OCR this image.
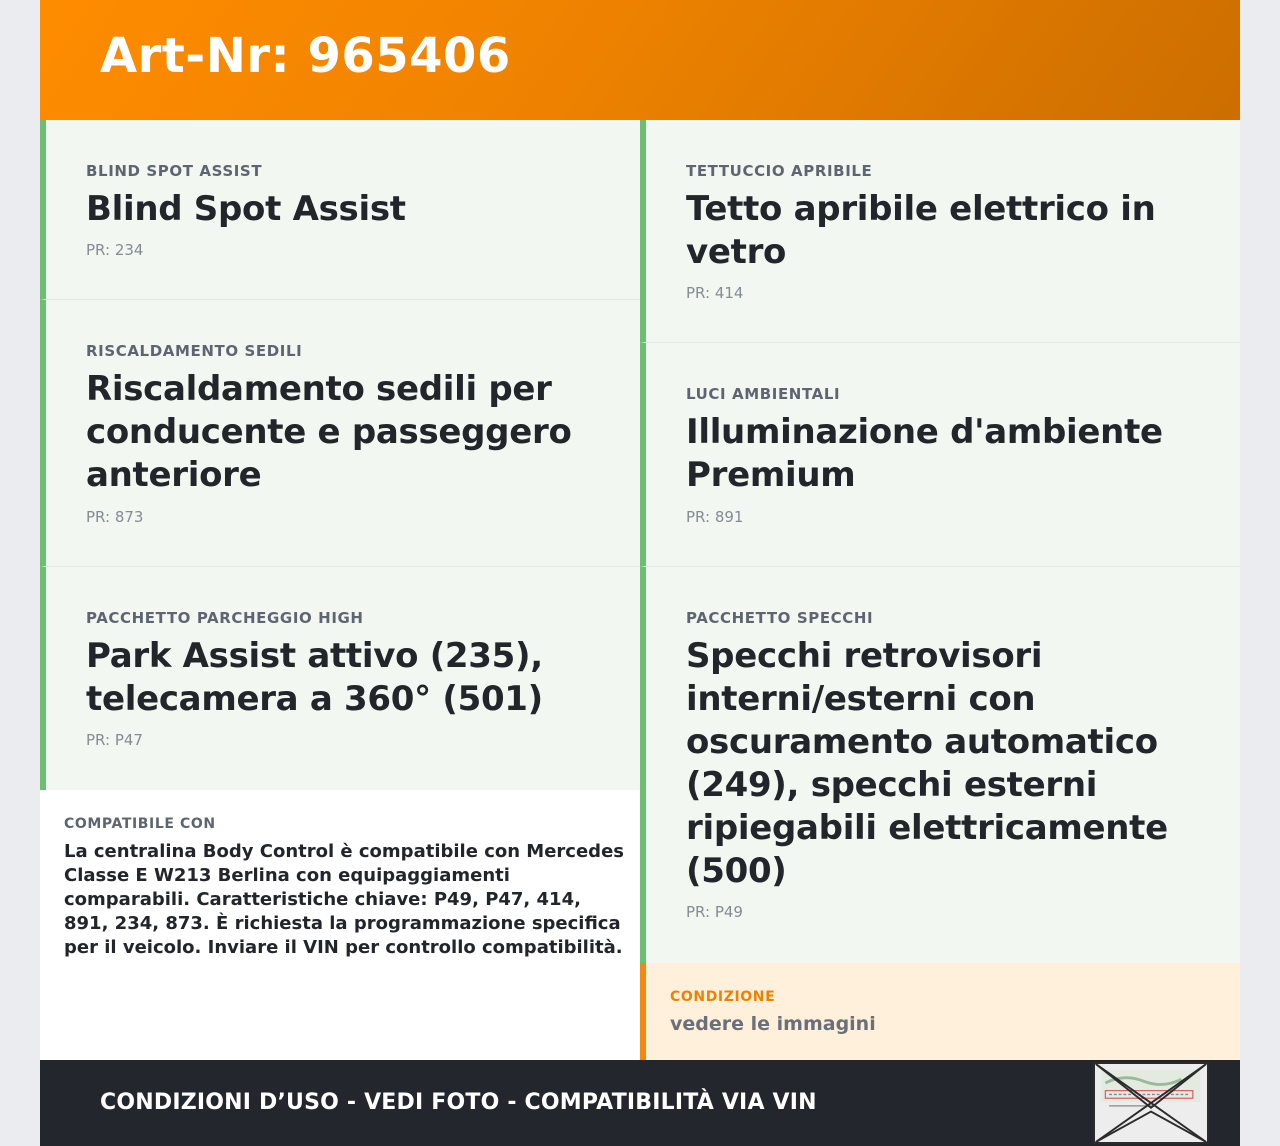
Art-Nr: 965406
BLIND SPOT ASSIST
Blind Spot Assist
PR: 234
RISCALDAMENTO SEDILI
Riscaldamento sedili per conducente e passeggero anteriore
PR: 873
PACCHETTO PARCHEGGIO HIGH
Park Assist attivo (235), telecamera a 360° (501)
PR: P47
TETTUCCIO APRIBILE
Tetto apribile elettrico in vetro
PR: 414
LUCI AMBIENTALI
Illuminazione d'ambiente Premium
PR: 891
PACCHETTO SPECCHI
Specchi retrovisori interni/esterni con oscuramento automatico (249), specchi esterni ripiegabili elettricamente (500)
PR: P49
COMPATIBILE CON
La centralina Body Control è compatibile con Mercedes Classe E W213 Berlina con equipaggiamenti comparabili. Caratteristiche chiave: P49, P47, 414, 891, 234, 873. È richiesta la programmazione specifica per il veicolo. Inviare il VIN per controllo compatibilità.
CONDIZIONE
vedere le immagini
CONDIZIONI D’USO - VEDI FOTO - COMPATIBILITÀ VIA VIN
